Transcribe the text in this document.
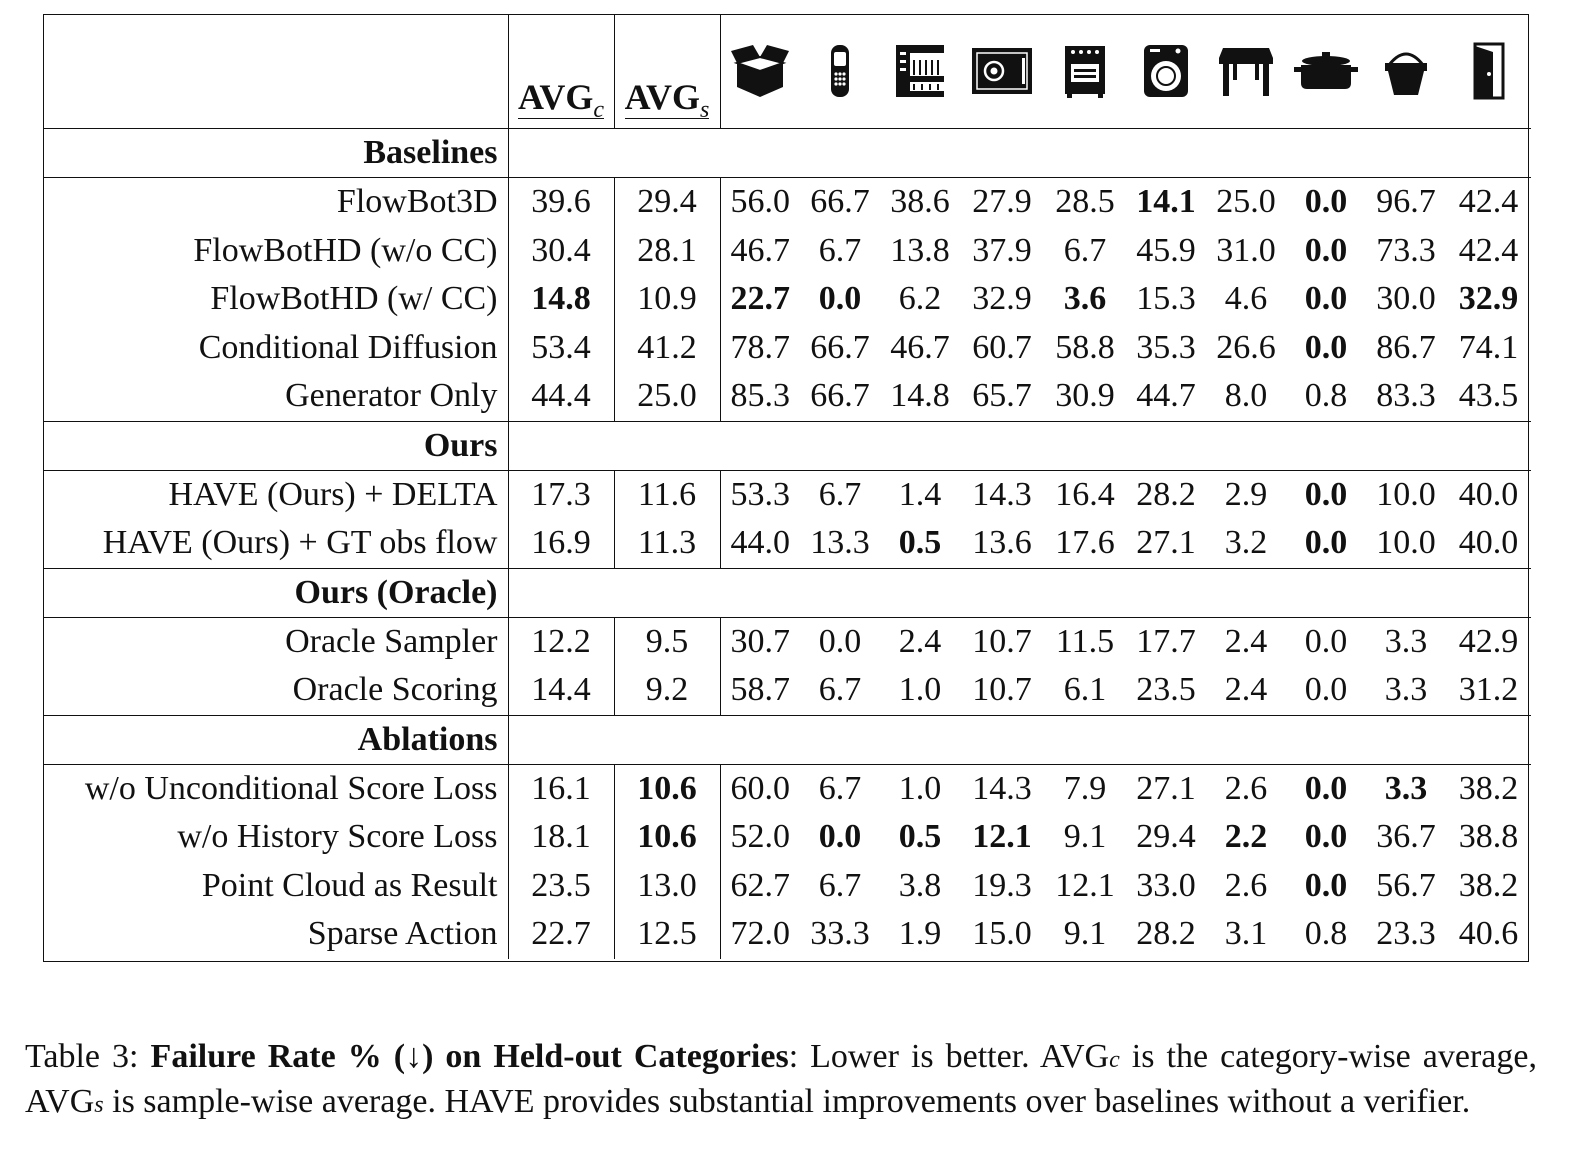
	$AVG_c$	$AVG_s$	

Baselines												
FlowBot3D	39.6	29.4	56.0	66.7	38.6	27.9	28.5	14.1	25.0	0.0	96.7	42.4
FlowBotHD (w/o CC)	30.4	28.1	46.7	6.7	13.8	37.9	6.7	45.9	31.0	0.0	73.3	42.4
FlowBotHD (w/ CC)	14.8	10.9	22.7	0.0	6.2	32.9	3.6	15.3	4.6	0.0	30.0	32.9
Conditional Diffusion	53.4	41.2	78.7	66.7	46.7	60.7	58.8	35.3	26.6	0.0	86.7	74.1
Generator Only	44.4	25.0	85.3	66.7	14.8	65.7	30.9	44.7	8.0	0.8	83.3	43.5
Ours												
HAVE (Ours) + DELTA	17.3	11.6	53.3	6.7	1.4	14.3	16.4	28.2	2.9	0.0	10.0	40.0
HAVE (Ours) + GT obs flow	16.9	11.3	44.0	13.3	0.5	13.6	17.6	27.1	3.2	0.0	10.0	40.0
Ours (Oracle)												
Oracle Sampler	12.2	9.5	30.7	0.0	2.4	10.7	11.5	17.7	2.4	0.0	3.3	42.9
Oracle Scoring	14.4	9.2	58.7	6.7	1.0	10.7	6.1	23.5	2.4	0.0	3.3	31.2
Ablations												
w/o Unconditional Score Loss	16.1	10.6	60.0	6.7	1.0	14.3	7.9	27.1	2.6	0.0	3.3	38.2
w/o History Score Loss	18.1	10.6	52.0	0.0	0.5	12.1	9.1	29.4	2.2	0.0	36.7	38.8
Point Cloud as Result	23.5	13.0	62.7	6.7	3.8	19.3	12.1	33.0	2.6	0.0	56.7	38.2
Sparse Action	22.7	12.5	72.0	33.3	1.9	15.0	9.1	28.2	3.1	0.8	23.3	40.6

Table 3: Failure Rate % (↓) on Held-out Categories: Lower is better. AVGc is the category-wise average, AVGs is sample-wise average. HAVE provides substantial improvements over baselines without a verifier.
